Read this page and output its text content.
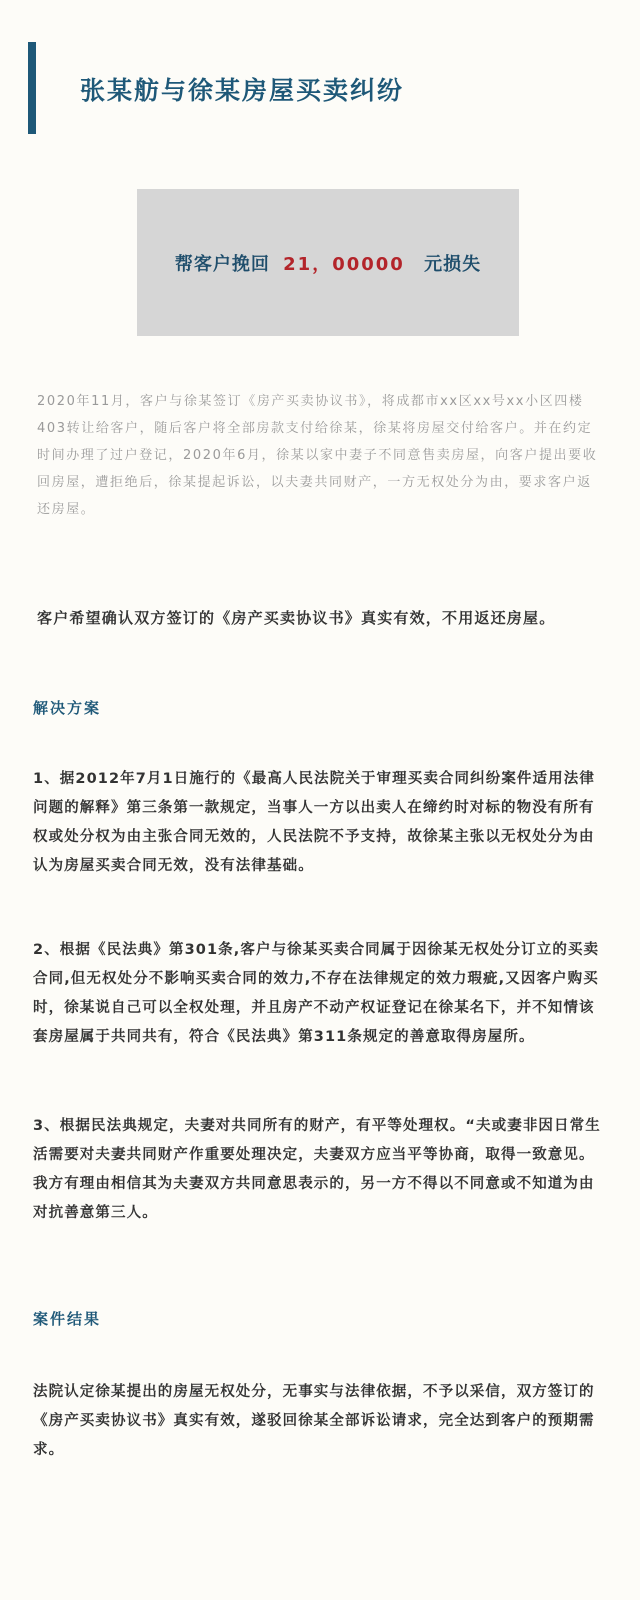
张某舫与徐某房屋买卖纠纷
帮客户挽回 21，00000 元损失
2020年11月，客户与徐某签订《房产买卖协议书》，将成都市xx区xx号xx小区四楼403转让给客户，随后客户将全部房款支付给徐某，徐某将房屋交付给客户。并在约定时间办理了过户登记，2020年6月，徐某以家中妻子不同意售卖房屋，向客户提出要收回房屋，遭拒绝后，徐某提起诉讼，以夫妻共同财产，一方无权处分为由，要求客户返还房屋。
客户希望确认双方签订的《房产买卖协议书》真实有效，不用返还房屋。
解决方案
1、据2012年7月1日施行的《最高人民法院关于审理买卖合同纠纷案件适用法律问题的解释》第三条第一款规定，当事人一方以出卖人在缔约时对标的物没有所有权或处分权为由主张合同无效的，人民法院不予支持，故徐某主张以无权处分为由认为房屋买卖合同无效，没有法律基础。
2、根据《民法典》第301条,客户与徐某买卖合同属于因徐某无权处分订立的买卖合同,但无权处分不影响买卖合同的效力,不存在法律规定的效力瑕疵,又因客户购买时，徐某说自己可以全权处理，并且房产不动产权证登记在徐某名下，并不知情该套房屋属于共同共有，符合《民法典》第311条规定的善意取得房屋所。
3、根据民法典规定，夫妻对共同所有的财产，有平等处理权。“夫或妻非因日常生活需要对夫妻共同财产作重要处理决定，夫妻双方应当平等协商，取得一致意见。我方有理由相信其为夫妻双方共同意思表示的，另一方不得以不同意或不知道为由对抗善意第三人。
案件结果
法院认定徐某提出的房屋无权处分，无事实与法律依据，不予以采信，双方签订的《房产买卖协议书》真实有效，遂驳回徐某全部诉讼请求，完全达到客户的预期需求。
